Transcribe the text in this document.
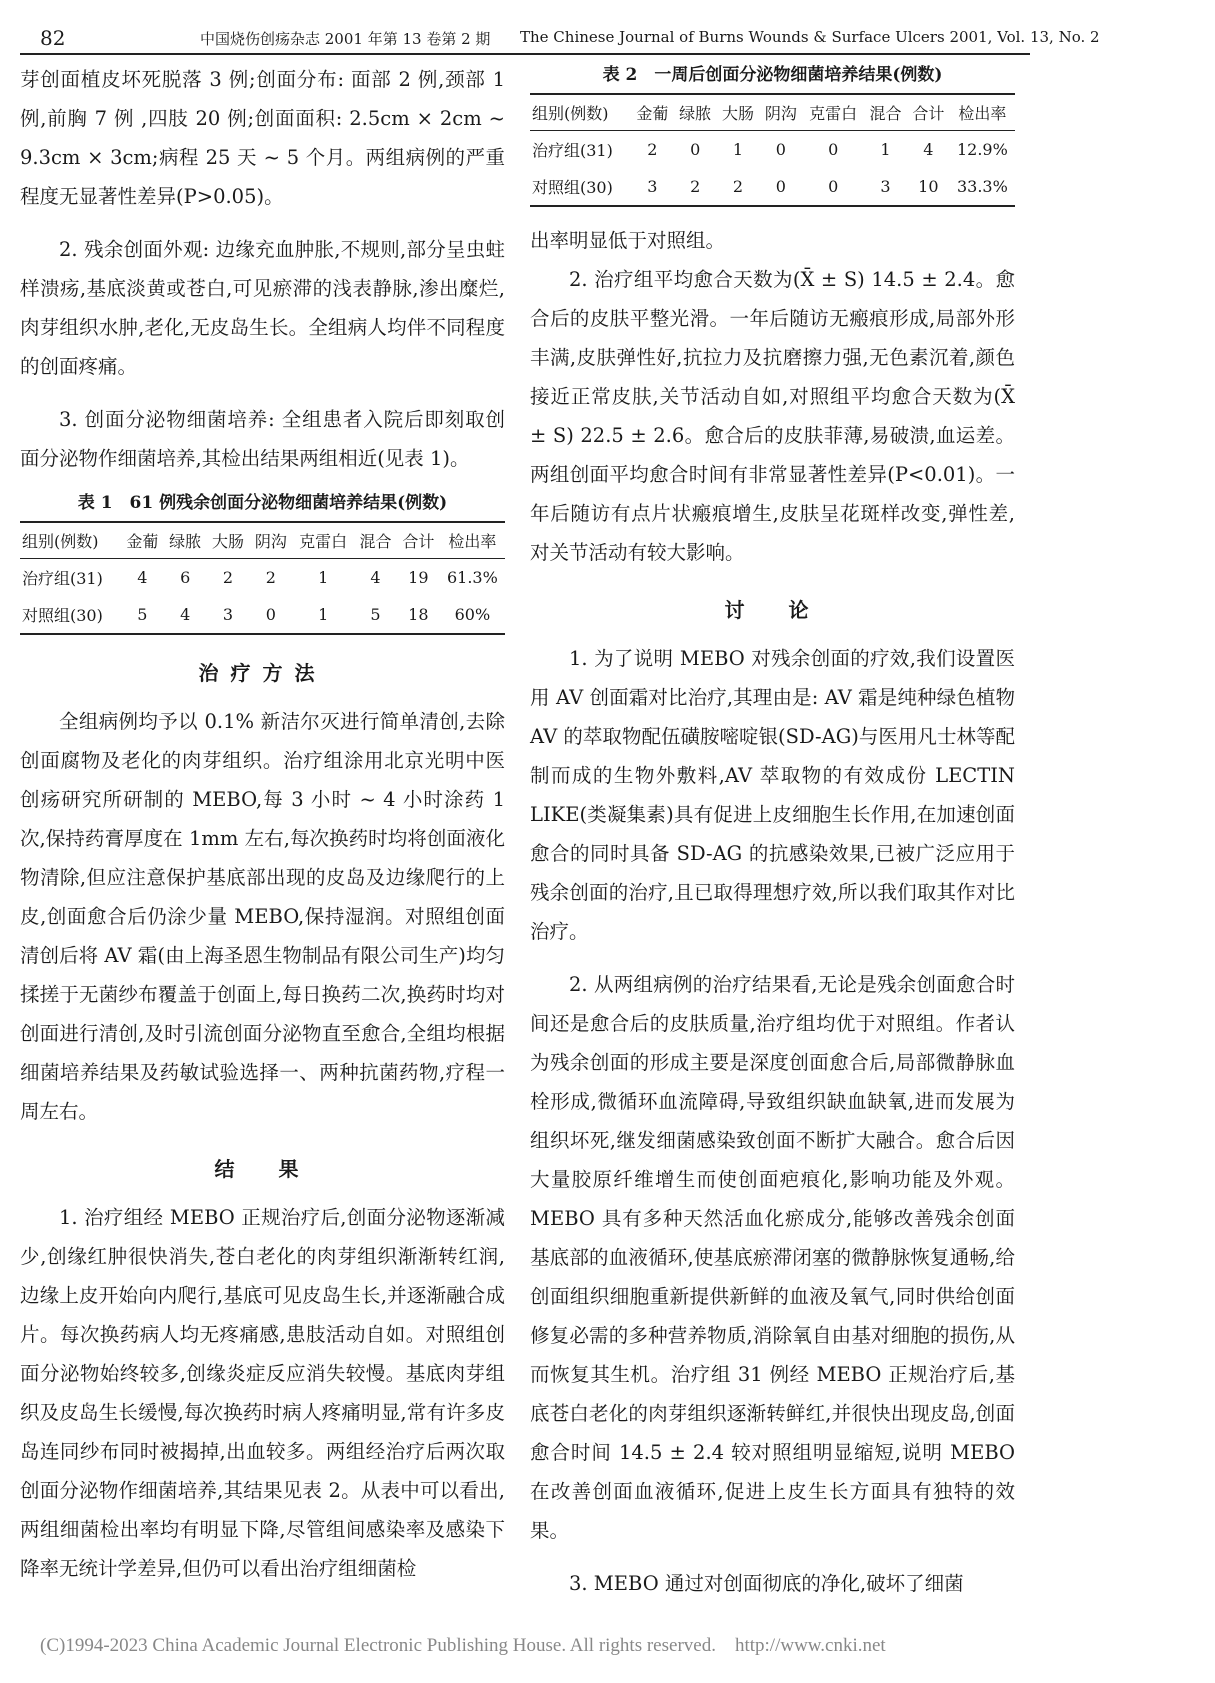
82	中国烧伤创疡杂志 2001 年第 13 卷第 2 期 The Chinese Journal of Burns Wounds & Surface Ulcers 2001, Vol. 13, No. 2

芽创面植皮坏死脱落 3 例;创面分布: 面部 2 例,颈部 1 例,前胸 7 例 ,四肢 20 例;创面面积: 2.5cm × 2cm ~ 9.3cm × 3cm;病程 25 天 ~ 5 个月。两组病例的严重程度无显著性差异(P>0.05)。

2. 残余创面外观: 边缘充血肿胀,不规则,部分呈虫蛀样溃疡,基底淡黄或苍白,可见瘀滞的浅表静脉,渗出糜烂,肉芽组织水肿,老化,无皮岛生长。全组病人均伴不同程度的创面疼痛。

3. 创面分泌物细菌培养: 全组患者入院后即刻取创面分泌物作细菌培养,其检出结果两组相近(见表 1)。

表 1　61 例残余创面分泌物细菌培养结果(例数)
组别(例数)	金葡	绿脓	大肠	阴沟	克雷白	混合	合计	检出率
治疗组(31)	4	6	2	2	1	4	19	61.3%
对照组(30)	5	4	3	0	1	5	18	60%
治疗方法

全组病例均予以 0.1% 新洁尔灭进行简单清创,去除创面腐物及老化的肉芽组织。治疗组涂用北京光明中医创疡研究所研制的 MEBO,每 3 小时 ~ 4 小时涂药 1 次,保持药膏厚度在 1mm 左右,每次换药时均将创面液化物清除,但应注意保护基底部出现的皮岛及边缘爬行的上皮,创面愈合后仍涂少量 MEBO,保持湿润。对照组创面清创后将 AV 霜(由上海圣恩生物制品有限公司生产)均匀揉搓于无菌纱布覆盖于创面上,每日换药二次,换药时均对创面进行清创,及时引流创面分泌物直至愈合,全组均根据细菌培养结果及药敏试验选择一、两种抗菌药物,疗程一周左右。

结　果

1. 治疗组经 MEBO 正规治疗后,创面分泌物逐渐减少,创缘红肿很快消失,苍白老化的肉芽组织渐渐转红润,边缘上皮开始向内爬行,基底可见皮岛生长,并逐渐融合成片。每次换药病人均无疼痛感,患肢活动自如。对照组创面分泌物始终较多,创缘炎症反应消失较慢。基底肉芽组织及皮岛生长缓慢,每次换药时病人疼痛明显,常有许多皮岛连同纱布同时被揭掉,出血较多。两组经治疗后两次取创面分泌物作细菌培养,其结果见表 2。从表中可以看出,两组细菌检出率均有明显下降,尽管组间感染率及感染下降率无统计学差异,但仍可以看出治疗组细菌检

表 2　一周后创面分泌物细菌培养结果(例数)
组别(例数)	金葡	绿脓	大肠	阴沟	克雷白	混合	合计	检出率
治疗组(31)	2	0	1	0	0	1	4	12.9%
对照组(30)	3	2	2	0	0	3	10	33.3%

出率明显低于对照组。

2. 治疗组平均愈合天数为(X̄ ± S) 14.5 ± 2.4。愈合后的皮肤平整光滑。一年后随访无瘢痕形成,局部外形丰满,皮肤弹性好,抗拉力及抗磨擦力强,无色素沉着,颜色接近正常皮肤,关节活动自如,对照组平均愈合天数为(X̄ ± S) 22.5 ± 2.6。愈合后的皮肤菲薄,易破溃,血运差。两组创面平均愈合时间有非常显著性差异(P<0.01)。一年后随访有点片状瘢痕增生,皮肤呈花斑样改变,弹性差,对关节活动有较大影响。

讨　论

1. 为了说明 MEBO 对残余创面的疗效,我们设置医用 AV 创面霜对比治疗,其理由是: AV 霜是纯种绿色植物 AV 的萃取物配伍磺胺嘧啶银(SD-AG)与医用凡士林等配制而成的生物外敷料,AV 萃取物的有效成份 LECTIN LIKE(类凝集素)具有促进上皮细胞生长作用,在加速创面愈合的同时具备 SD-AG 的抗感染效果,已被广泛应用于残余创面的治疗,且已取得理想疗效,所以我们取其作对比治疗。

2. 从两组病例的治疗结果看,无论是残余创面愈合时间还是愈合后的皮肤质量,治疗组均优于对照组。作者认为残余创面的形成主要是深度创面愈合后,局部微静脉血栓形成,微循环血流障碍,导致组织缺血缺氧,进而发展为组织坏死,继发细菌感染致创面不断扩大融合。愈合后因大量胶原纤维增生而使创面疤痕化,影响功能及外观。MEBO 具有多种天然活血化瘀成分,能够改善残余创面基底部的血液循环,使基底瘀滞闭塞的微静脉恢复通畅,给创面组织细胞重新提供新鲜的血液及氧气,同时供给创面修复必需的多种营养物质,消除氧自由基对细胞的损伤,从而恢复其生机。治疗组 31 例经 MEBO 正规治疗后,基底苍白老化的肉芽组织逐渐转鲜红,并很快出现皮岛,创面愈合时间 14.5 ± 2.4 较对照组明显缩短,说明 MEBO 在改善创面血液循环,促进上皮生长方面具有独特的效果。

3. MEBO 通过对创面彻底的净化,破坏了细菌

(C)1994-2023 China Academic Journal Electronic Publishing House. All rights reserved.　http://www.cnki.net
